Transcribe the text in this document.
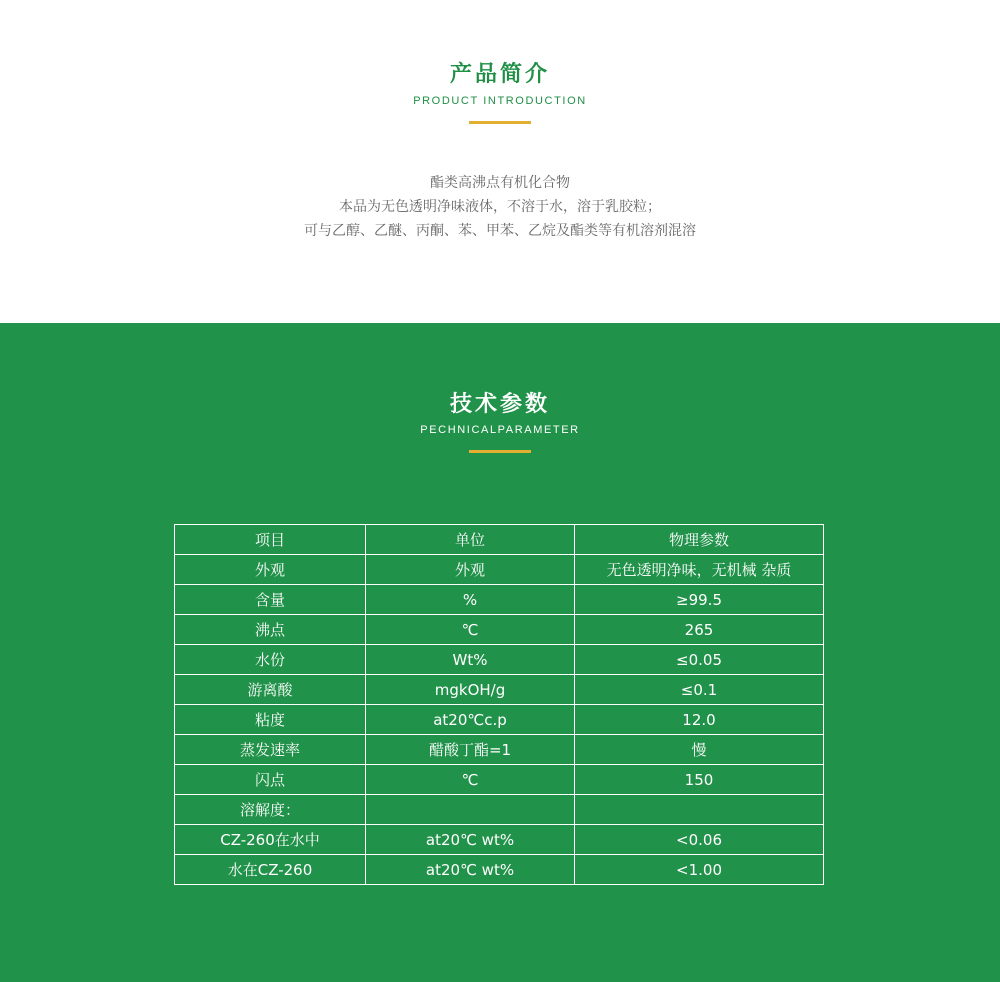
产品简介
PRODUCT INTRODUCTION
酯类高沸点有机化合物
本品为无色透明净味液体，不溶于水，溶于乳胶粒；
可与乙醇、乙醚、丙酮、苯、甲苯、乙烷及酯类等有机溶剂混溶
技术参数
PECHNICALPARAMETER
项目	单位	物理参数
外观	外观	无色透明净味，无机械 杂质
含量	%	≥99.5
沸点	℃	265
水份	Wt%	≤0.05
游离酸	mgkOH/g	≤0.1
粘度	at20℃c.p	12.0
蒸发速率	醋酸丁酯=1	慢
闪点	℃	150
溶解度：		
CZ-260在水中	at20℃ wt%	<0.06
水在CZ-260	at20℃ wt%	<1.00
